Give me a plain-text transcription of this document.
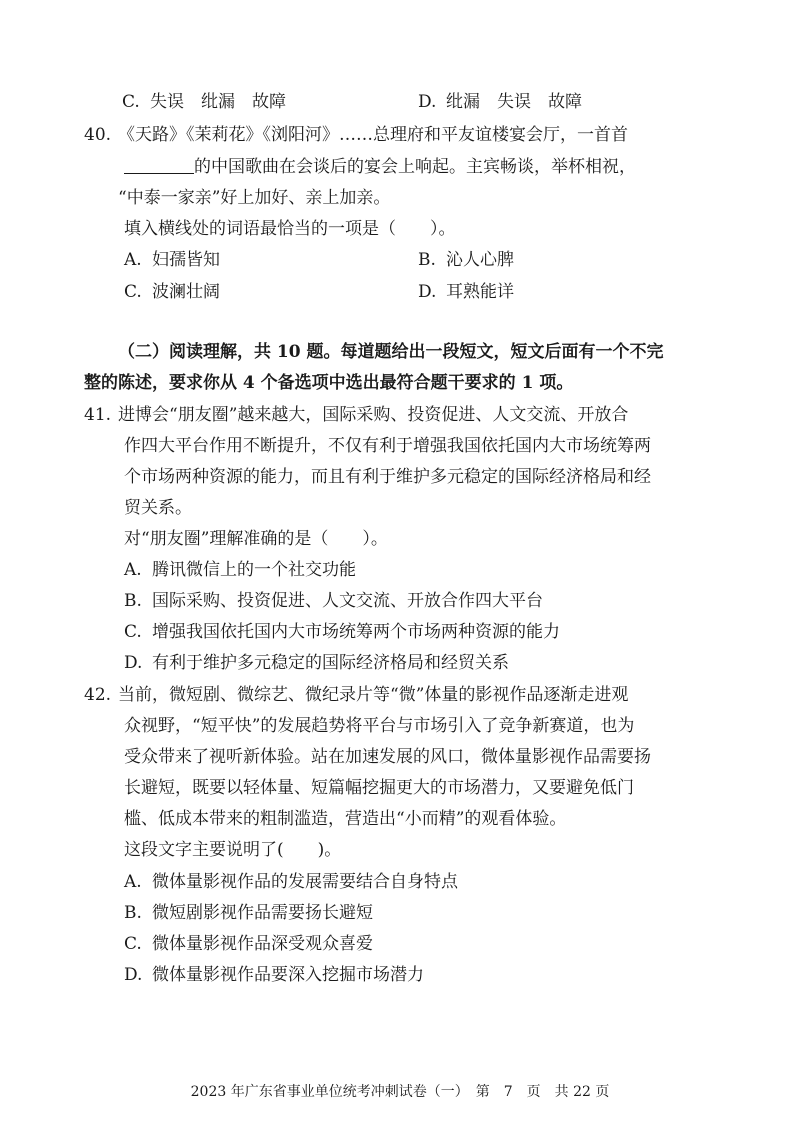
C. 失误　纰漏　故障	D. 纰漏　失误　故障
40. 《天路》《茉莉花》《浏阳河》……总理府和平友谊楼宴会厅，一首首
的中国歌曲在会谈后的宴会上响起。主宾畅谈，举杯相祝，
“中泰一家亲”好上加好、亲上加亲。
填入横线处的词语最恰当的一项是（　　）。
A. 妇孺皆知	B. 沁人心脾
C. 波澜壮阔	D. 耳熟能详
（二）阅读理解，共 10 题。每道题给出一段短文，短文后面有一个不完
整的陈述，要求你从 4 个备选项中选出最符合题干要求的 1 项。
41. 进博会“朋友圈”越来越大，国际采购、投资促进、人文交流、开放合
作四大平台作用不断提升，不仅有利于增强我国依托国内大市场统筹两
个市场两种资源的能力，而且有利于维护多元稳定的国际经济格局和经
贸关系。
对“朋友圈”理解准确的是（　　）。
A. 腾讯微信上的一个社交功能
B. 国际采购、投资促进、人文交流、开放合作四大平台
C. 增强我国依托国内大市场统筹两个市场两种资源的能力
D. 有利于维护多元稳定的国际经济格局和经贸关系
42. 当前，微短剧、微综艺、微纪录片等“微”体量的影视作品逐渐走进观
众视野，“短平快”的发展趋势将平台与市场引入了竞争新赛道，也为
受众带来了视听新体验。站在加速发展的风口，微体量影视作品需要扬
长避短，既要以轻体量、短篇幅挖掘更大的市场潜力，又要避免低门
槛、低成本带来的粗制滥造，营造出“小而精”的观看体验。
这段文字主要说明了(　　)。
A. 微体量影视作品的发展需要结合自身特点
B. 微短剧影视作品需要扬长避短
C. 微体量影视作品深受观众喜爱
D. 微体量影视作品要深入挖掘市场潜力
2023 年广东省事业单位统考冲刺试卷（一）　第　7　页　共 22 页
